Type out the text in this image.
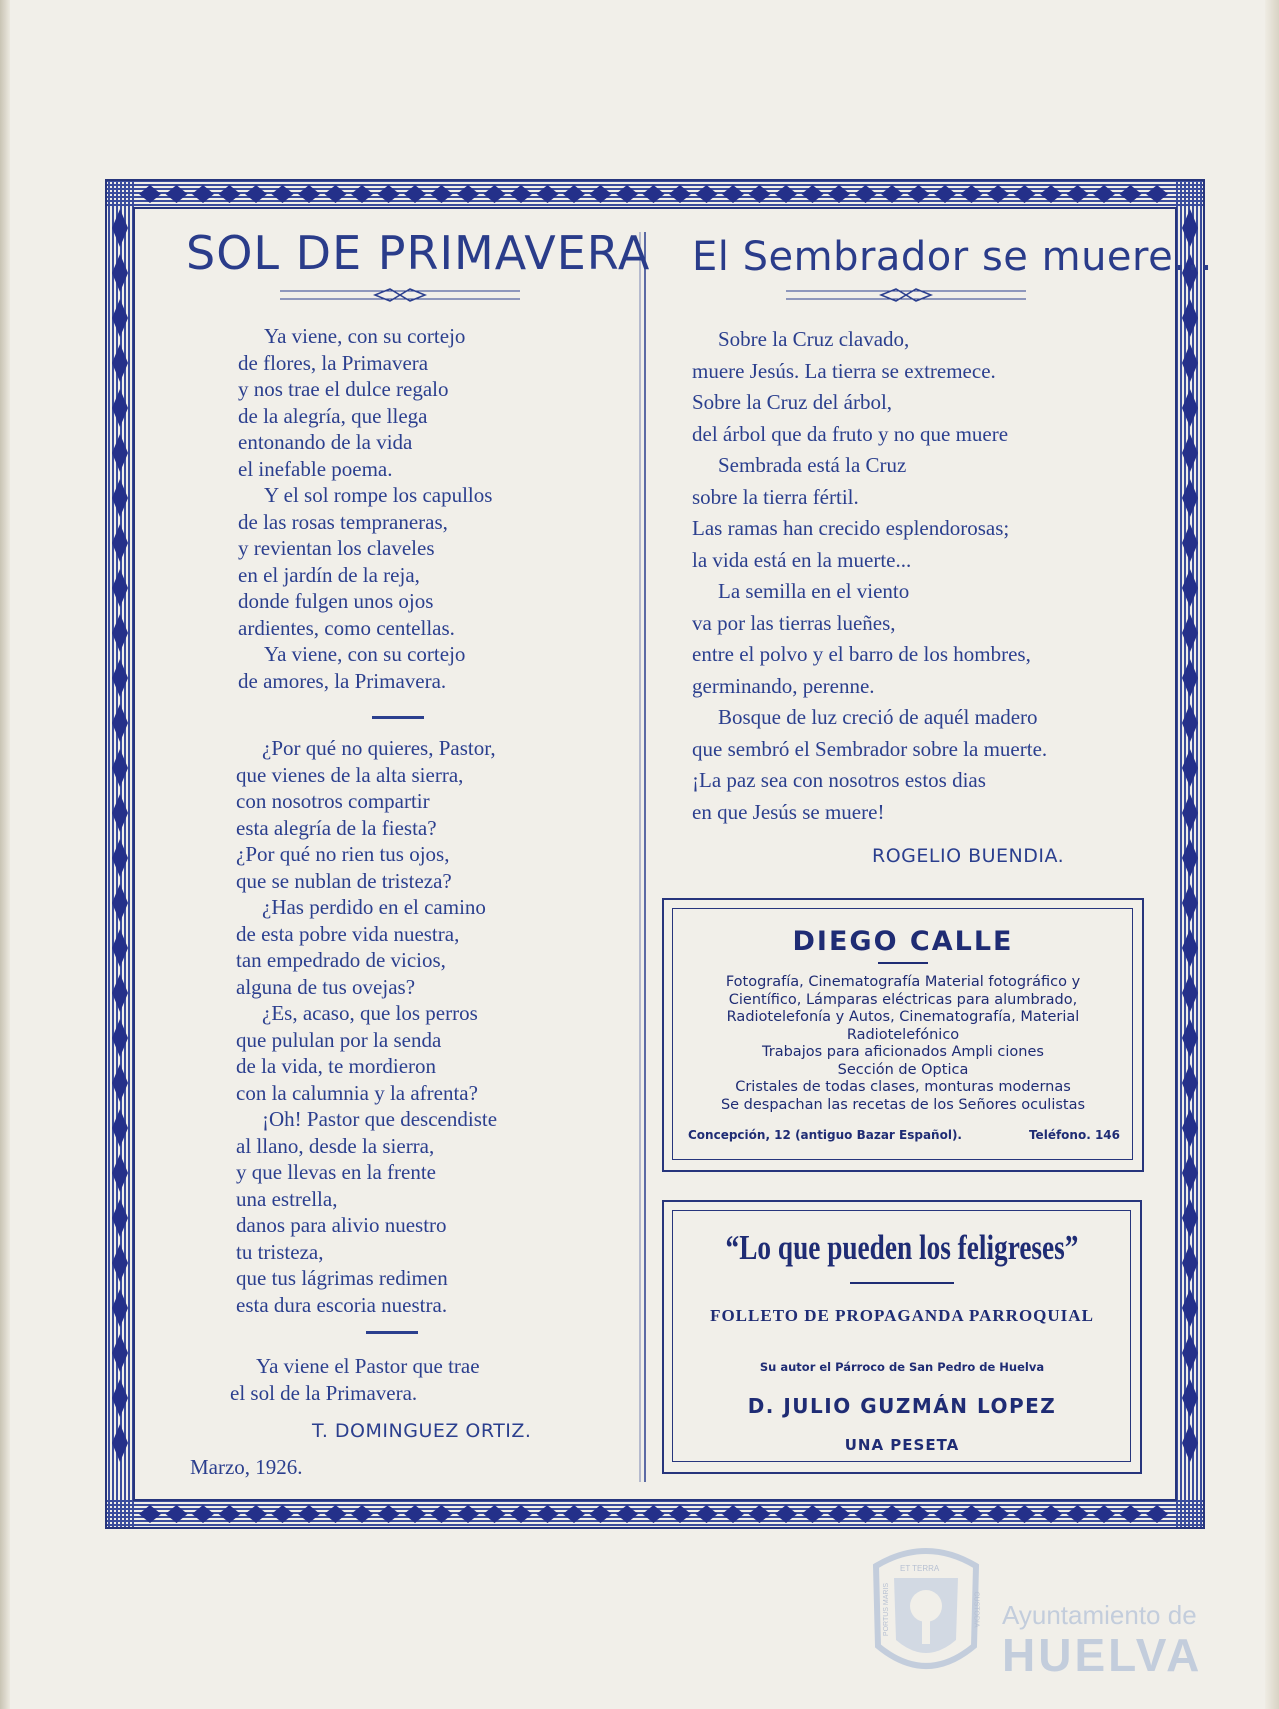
SOL DE PRIMAVERA
Ya viene, con su cortejo
de flores, la Primavera
y nos trae el dulce regalo
de la alegría, que llega
entonando de la vida
el inefable poema.
Y el sol rompe los capullos
de las rosas tempraneras,
y revientan los claveles
en el jardín de la reja,
donde fulgen unos ojos
ardientes, como centellas.
Ya viene, con su cortejo
de amores, la Primavera.
¿Por qué no quieres, Pastor,
que vienes de la alta sierra,
con nosotros compartir
esta alegría de la fiesta?
¿Por qué no rien tus ojos,
que se nublan de tristeza?
¿Has perdido en el camino
de esta pobre vida nuestra,
tan empedrado de vicios,
alguna de tus ovejas?
¿Es, acaso, que los perros
que pululan por la senda
de la vida, te mordieron
con la calumnia y la afrenta?
¡Oh! Pastor que descendiste
al llano, desde la sierra,
y que llevas en la frente
una estrella,
danos para alivio nuestro
tu tristeza,
que tus lágrimas redimen
esta dura escoria nuestra.
Ya viene el Pastor que trae
el sol de la Primavera.
T. DOMINGUEZ ORTIZ.
Marzo, 1926.
El Sembrador se muere...
Sobre la Cruz clavado,
muere Jesús. La tierra se extremece.
Sobre la Cruz del árbol,
del árbol que da fruto y no que muere
Sembrada está la Cruz
sobre la tierra fértil.
Las ramas han crecido esplendorosas;
la vida está en la muerte...
La semilla en el viento
va por las tierras lueñes,
entre el polvo y el barro de los hombres,
germinando, perenne.
Bosque de luz creció de aquél madero
que sembró el Sembrador sobre la muerte.
¡La paz sea con nosotros estos dias
en que Jesús se muere!
ROGELIO BUENDIA.
DIEGO CALLE
Fotografía, Cinematografía Material fotográfico y
Científico, Lámparas eléctricas para alumbrado,
Radiotelefonía y Autos, Cinematografía, Material
Radiotelefónico
Trabajos para aficionados Ampli ciones
Sección de Optica
Cristales de todas clases, monturas modernas
Se despachan las recetas de los Señores oculistas
Concepción, 12 (antiguo Bazar Español).	Teléfono. 146
“Lo que pueden los feligreses”
FOLLETO DE PROPAGANDA PARROQUIAL
Su autor el Párroco de San Pedro de Huelva
D. JULIO GUZMÁN LOPEZ
UNA PESETA
ET TERRA
PORTUS MARIS	CUSTODIA Ayuntamiento de
HUELVA
